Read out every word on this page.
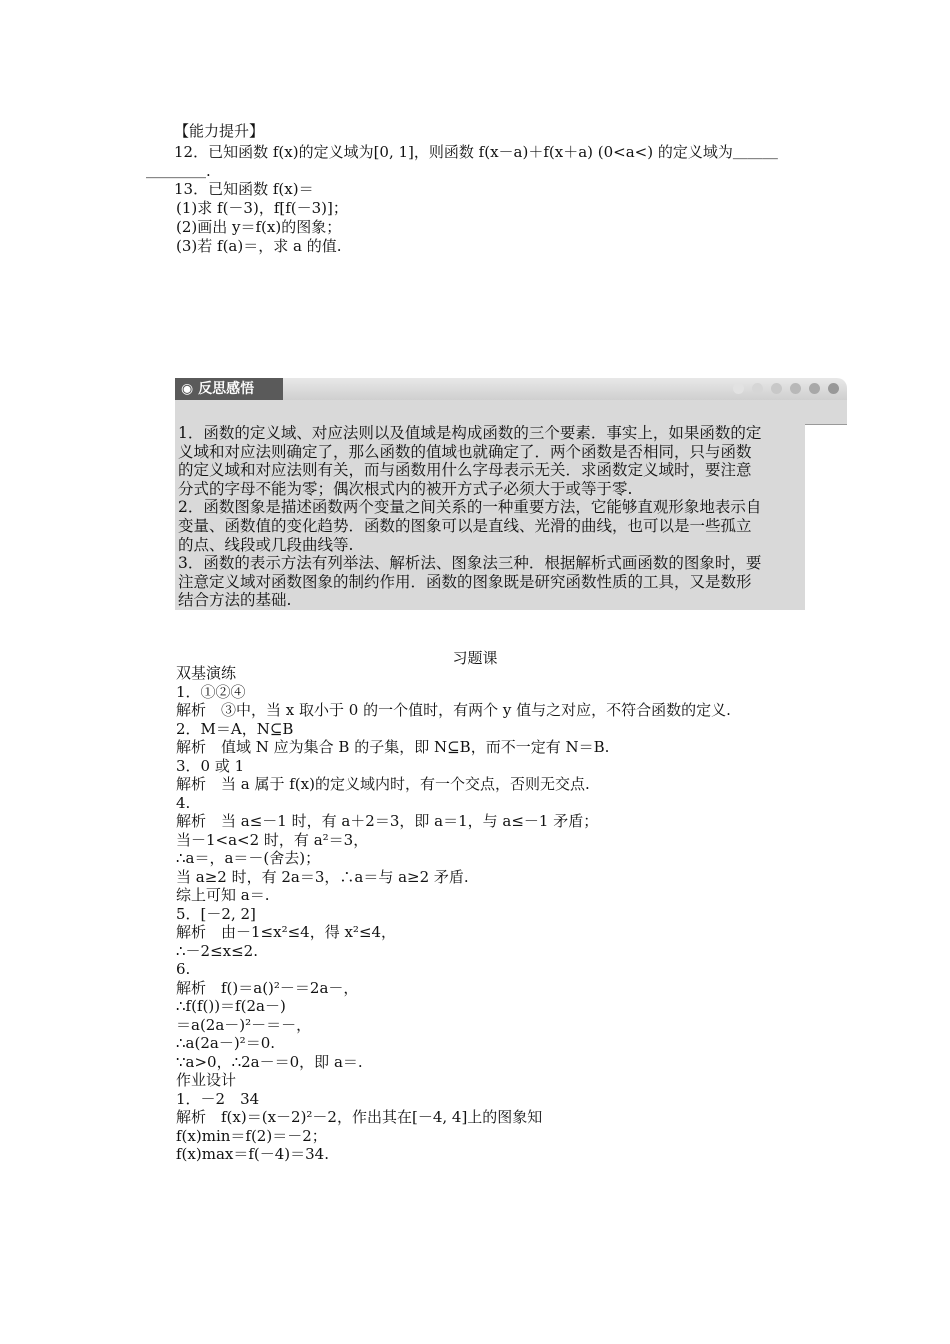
【能力提升】
12．已知函数 f(x)的定义域为[0, 1]，则函数 f(x－a)＋f(x＋a) (0<a<) 的定义域为＿＿＿
＿＿＿＿.
13．已知函数 f(x)＝
(1)求 f(－3)，f[f(－3)]；
(2)画出 y＝f(x)的图象；
(3)若 f(a)＝，求 a 的值.
◉ 反思感悟
1．函数的定义域、对应法则以及值域是构成函数的三个要素．事实上，如果函数的定
义域和对应法则确定了，那么函数的值域也就确定了．两个函数是否相同，只与函数
的定义域和对应法则有关，而与函数用什么字母表示无关．求函数定义域时，要注意
分式的字母不能为零；偶次根式内的被开方式子必须大于或等于零.
2．函数图象是描述函数两个变量之间关系的一种重要方法，它能够直观形象地表示自
变量、函数值的变化趋势．函数的图象可以是直线、光滑的曲线，也可以是一些孤立
的点、线段或几段曲线等.
3．函数的表示方法有列举法、解析法、图象法三种．根据解析式画函数的图象时，要
注意定义域对函数图象的制约作用．函数的图象既是研究函数性质的工具，又是数形
结合方法的基础.
习题课
双基演练
1．①②④
解析　③中，当 x 取小于 0 的一个值时，有两个 y 值与之对应，不符合函数的定义.
2．M＝A，N⊆B
解析　值域 N 应为集合 B 的子集，即 N⊆B，而不一定有 N＝B.
3．0 或 1
解析　当 a 属于 f(x)的定义域内时，有一个交点，否则无交点.
4.
解析　当 a≤－1 时，有 a＋2＝3，即 a＝1，与 a≤－1 矛盾；
当－1<a<2 时，有 a²＝3，
∴a＝，a＝－(舍去)；
当 a≥2 时，有 2a＝3，∴a＝与 a≥2 矛盾.
综上可知 a＝.
5．[－2, 2]
解析　由－1≤x²≤4，得 x²≤4，
∴－2≤x≤2.
6.
解析　f()＝a()²－＝2a－，
∴f(f())＝f(2a－)
＝a(2a－)²－＝－，
∴a(2a－)²＝0.
∵a>0，∴2a－＝0，即 a＝.
作业设计
1．－2　34
解析　f(x)＝(x－2)²－2，作出其在[－4, 4]上的图象知
f(x)min＝f(2)＝－2；
f(x)max＝f(－4)＝34.
